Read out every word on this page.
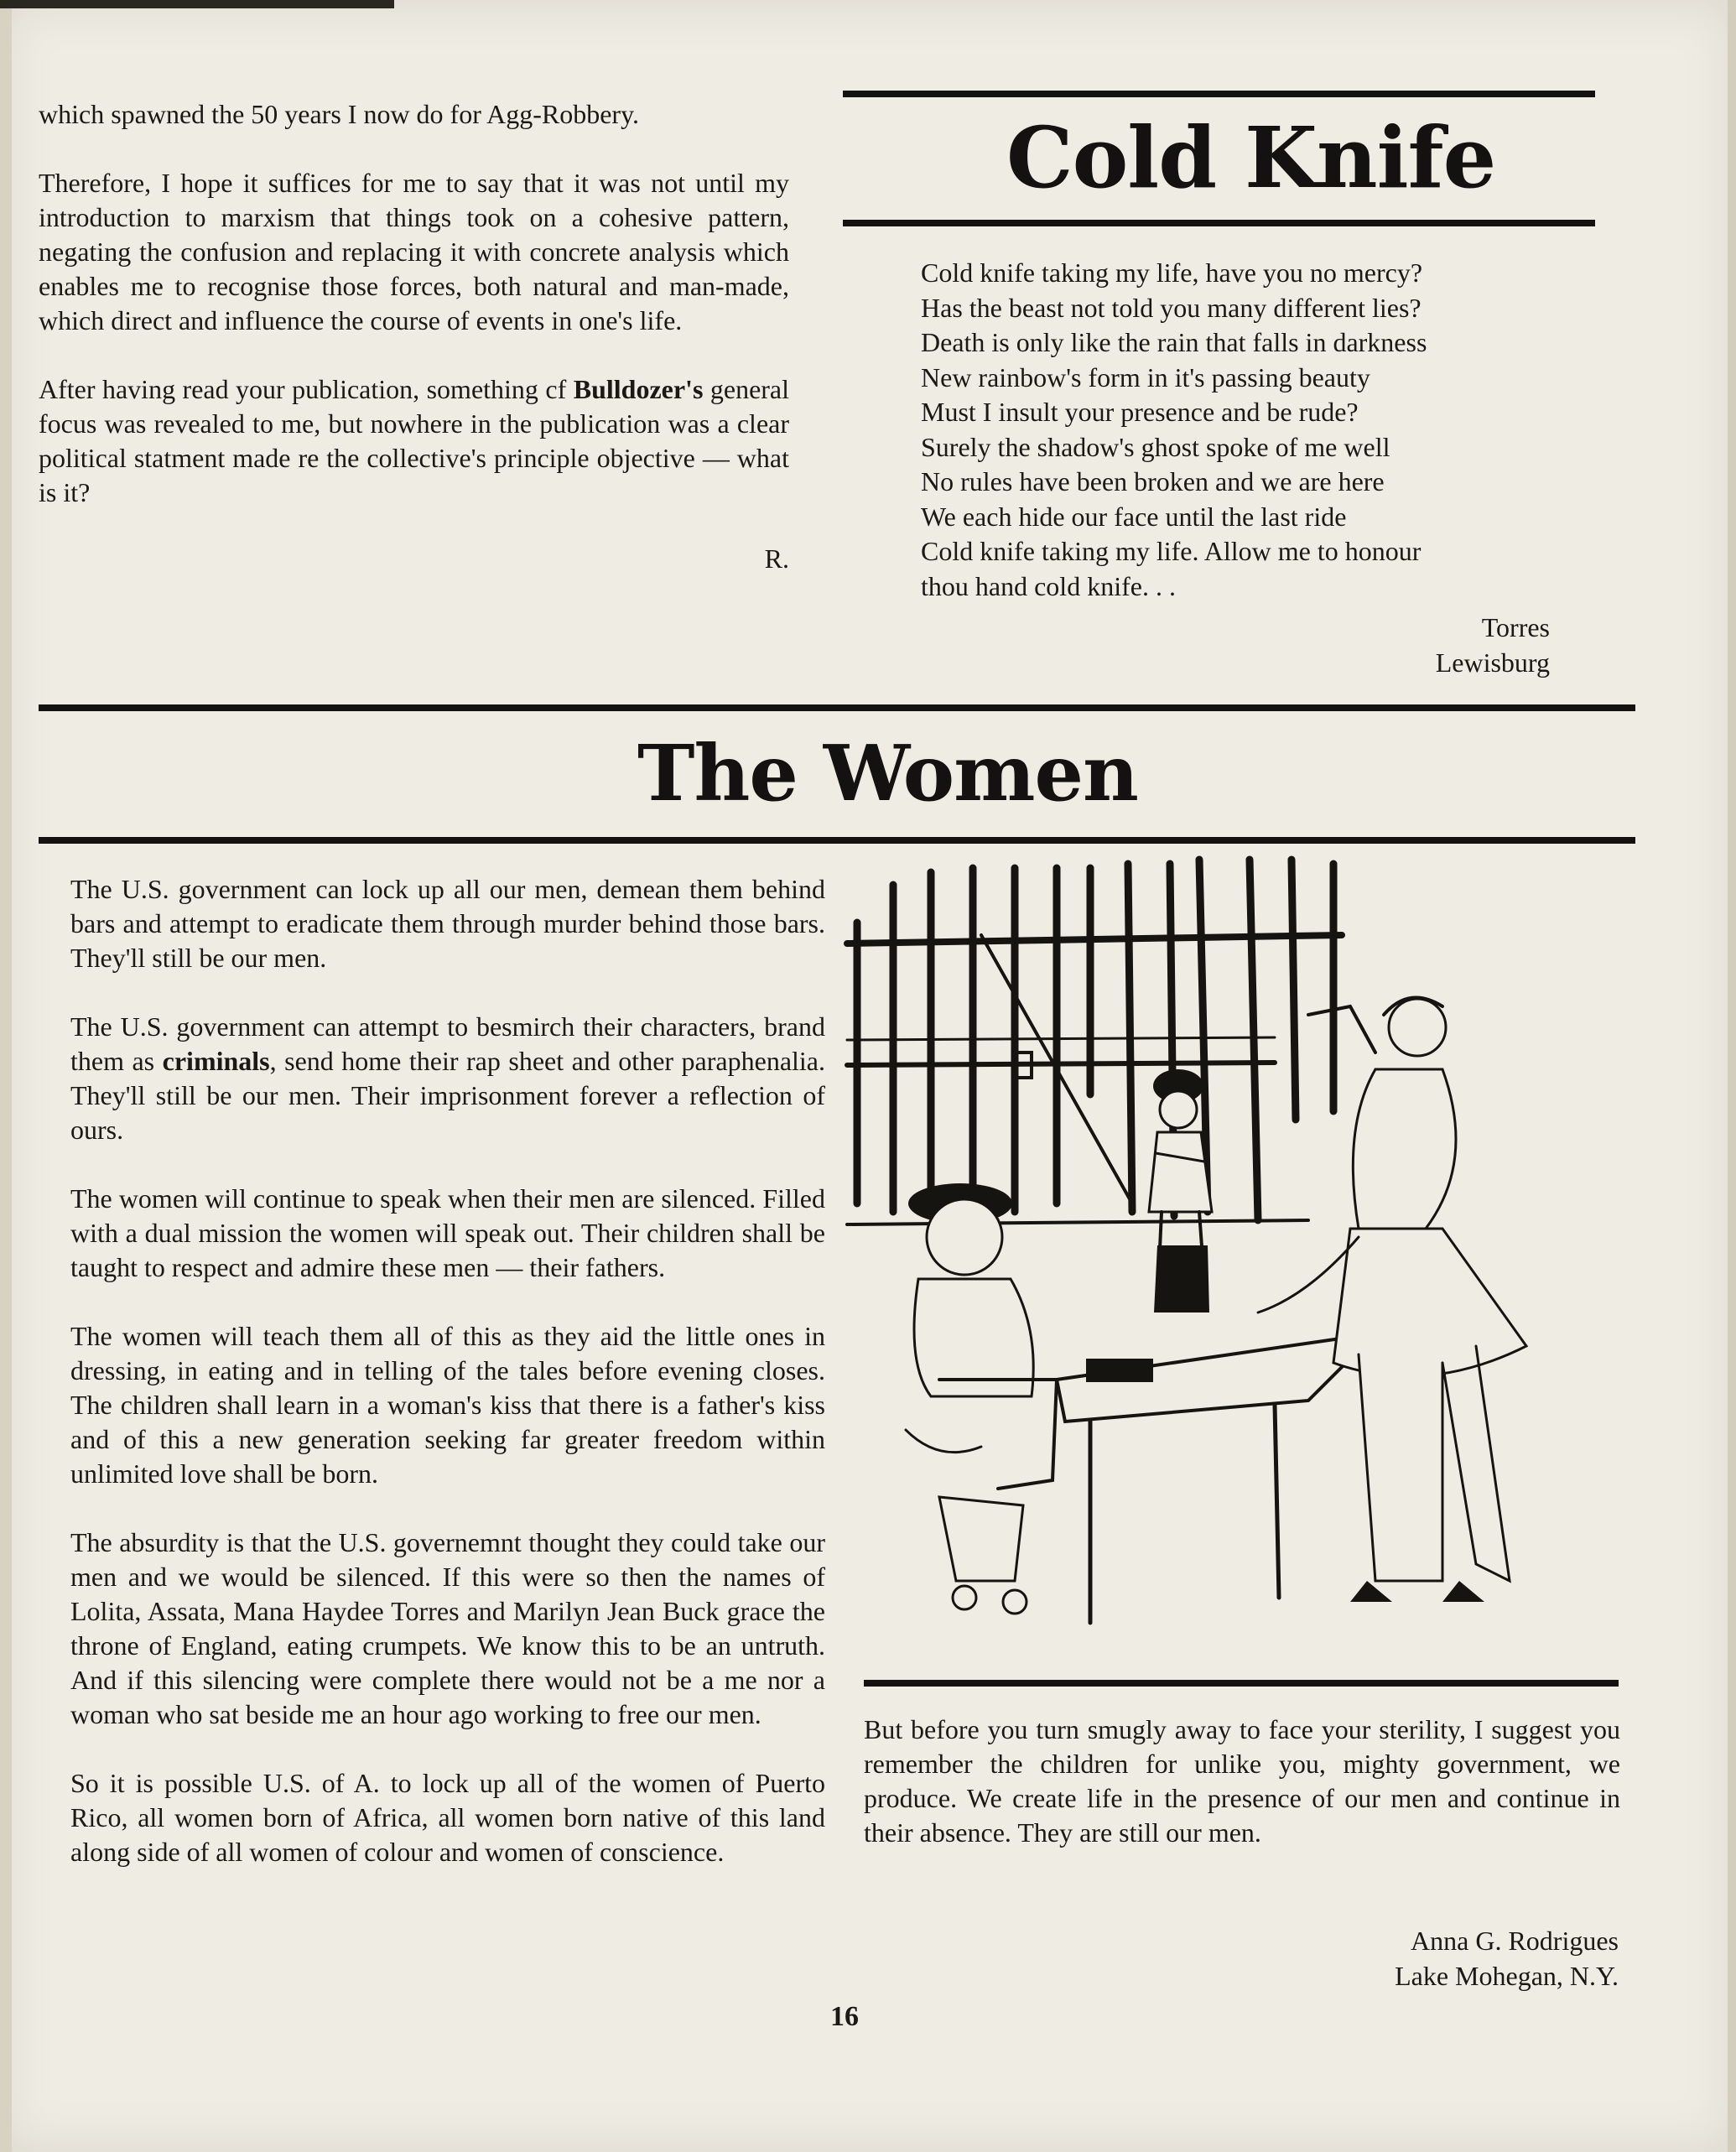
which spawned the 50 years I now do for Agg-Robbery.

Therefore, I hope it suffices for me to say that it was not until my introduction to marxism that things took on a cohesive pattern, negating the confusion and replacing it with concrete analysis which enables me to recognise those forces, both natural and man-made, which direct and influence the course of events in one's life.

After having read your publication, something cf Bulldozer's general focus was revealed to me, but nowhere in the publication was a clear political statment made re the collective's principle objective — what is it?

R.
Cold Knife
Cold knife taking my life, have you no mercy?
Has the beast not told you many different lies?
Death is only like the rain that falls in darkness
New rainbow's form in it's passing beauty
Must I insult your presence and be rude?
Surely the shadow's ghost spoke of me well
No rules have been broken and we are here
We each hide our face until the last ride
Cold knife taking my life. Allow me to honour
thou hand cold knife. . .
Torres
Lewisburg
The Women

The U.S. government can lock up all our men, demean them behind bars and attempt to eradicate them through murder behind those bars. They'll still be our men.

The U.S. government can attempt to besmirch their characters, brand them as criminals, send home their rap sheet and other paraphenalia. They'll still be our men. Their imprisonment forever a reflection of ours.

The women will continue to speak when their men are silenced. Filled with a dual mission the women will speak out. Their children shall be taught to respect and admire these men — their fathers.

The women will teach them all of this as they aid the little ones in dressing, in eating and in telling of the tales before evening closes. The children shall learn in a woman's kiss that there is a father's kiss and of this a new generation seeking far greater freedom within unlimited love shall be born.

The absurdity is that the U.S. governemnt thought they could take our men and we would be silenced. If this were so then the names of Lolita, Assata, Mana Haydee Torres and Marilyn Jean Buck grace the throne of England, eating crumpets. We know this to be an untruth. And if this silencing were complete there would not be a me nor a woman who sat beside me an hour ago working to free our men.

So it is possible U.S. of A. to lock up all of the women of Puerto Rico, all women born of Africa, all women born native of this land along side of all women of colour and women of conscience.

But before you turn smugly away to face your sterility, I suggest you remember the children for unlike you, mighty government, we produce. We create life in the presence of our men and continue in their absence. They are still our men.

Anna G. Rodrigues
Lake Mohegan, N.Y.
16
